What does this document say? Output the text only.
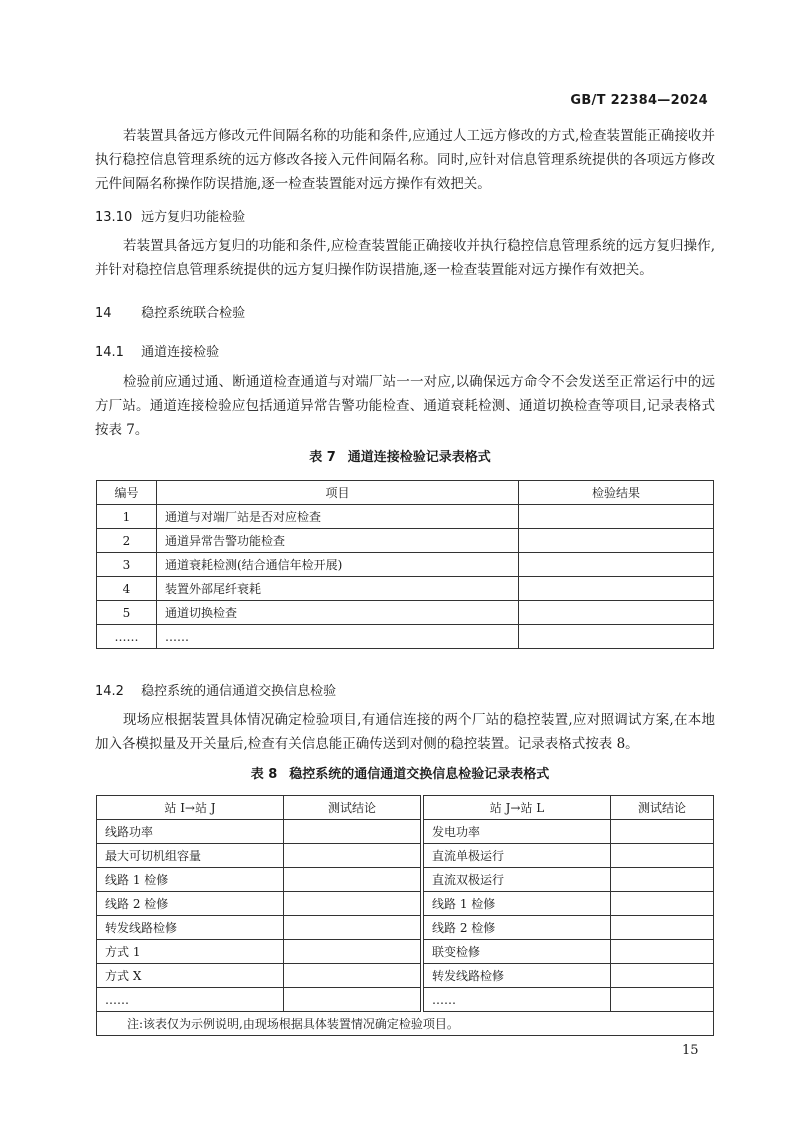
GB/T 22384—2024

若装置具备远方修改元件间隔名称的功能和条件,应通过人工远方修改的方式,检查装置能正确接收并执行稳控信息管理系统的远方修改各接入元件间隔名称。同时,应针对信息管理系统提供的各项远方修改元件间隔名称操作防误措施,逐一检查装置能对远方操作有效把关。

13.10 远方复归功能检验

若装置具备远方复归的功能和条件,应检查装置能正确接收并执行稳控信息管理系统的远方复归操作,并针对稳控信息管理系统提供的远方复归操作防误措施,逐一检查装置能对远方操作有效把关。

14 稳控系统联合检验

14.1 通道连接检验

检验前应通过通、断通道检查通道与对端厂站一一对应,以确保远方命令不会发送至正常运行中的远方厂站。通道连接检验应包括通道异常告警功能检查、通道衰耗检测、通道切换检查等项目,记录表格式按表 7。

表 7 通道连接检验记录表格式
编号	项目	检验结果
1	通道与对端厂站是否对应检查	
2	通道异常告警功能检查	
3	通道衰耗检测(结合通信年检开展)	
4	装置外部尾纤衰耗	
5	通道切换检查	
……	……	

14.2 稳控系统的通信通道交换信息检验

现场应根据装置具体情况确定检验项目,有通信连接的两个厂站的稳控装置,应对照调试方案,在本地加入各模拟量及开关量后,检查有关信息能正确传送到对侧的稳控装置。记录表格式按表 8。

表 8 稳控系统的通信通道交换信息检验记录表格式
站 I→站 J	测试结论	站 J→站 L	测试结论
线路功率		发电功率	
最大可切机组容量		直流单极运行	
线路 1 检修		直流双极运行	
线路 2 检修		线路 1 检修	
转发线路检修		线路 2 检修	
方式 1		联变检修	
方式 X		转发线路检修	
……		……	
注:该表仅为示例说明,由现场根据具体装置情况确定检验项目。			
15
